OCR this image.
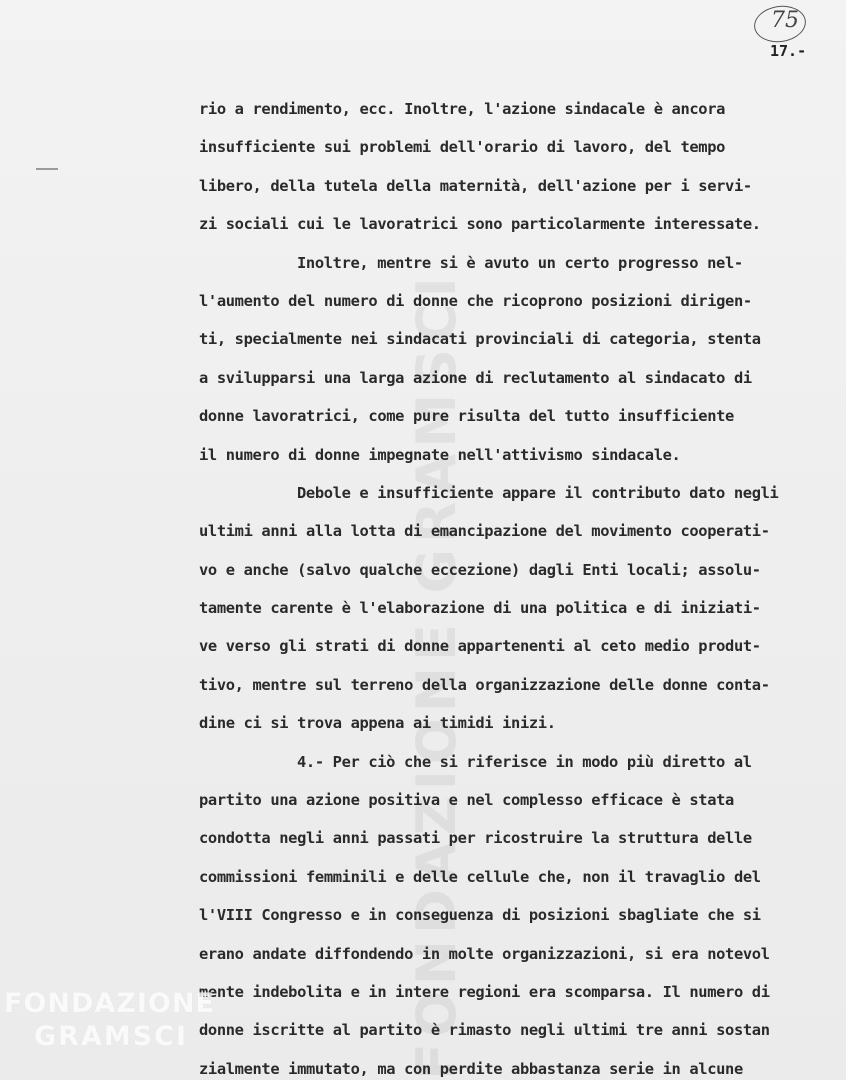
FONDAZIONE GRAMSCI
75
17.-
rio a rendimento, ecc. Inoltre, l'azione sindacale è ancora
insufficiente sui problemi dell'orario di lavoro, del tempo
libero, della tutela della maternità, dell'azione per i servi-
zi sociali cui le lavoratrici sono particolarmente interessate.
Inoltre, mentre si è avuto un certo progresso nel-
l'aumento del numero di donne che ricoprono posizioni dirigen-
ti, specialmente nei sindacati provinciali di categoria, stenta
a svilupparsi una larga azione di reclutamento al sindacato di
donne lavoratrici, come pure risulta del tutto insufficiente
il numero di donne impegnate nell'attivismo sindacale.
Debole e insufficiente appare il contributo dato negli
ultimi anni alla lotta di emancipazione del movimento cooperati-
vo e anche (salvo qualche eccezione) dagli Enti locali; assolu-
tamente carente è l'elaborazione di una politica e di iniziati-
ve verso gli strati di donne appartenenti al ceto medio produt-
tivo, mentre sul terreno della organizzazione delle donne conta-
dine ci si trova appena ai timidi inizi.
4.- Per ciò che si riferisce in modo più diretto al
partito una azione positiva e nel complesso efficace è stata
condotta negli anni passati per ricostruire la struttura delle
commissioni femminili e delle cellule che, non il travaglio del
l'VIII Congresso e in conseguenza di posizioni sbagliate che si
erano andate diffondendo in molte organizzazioni, si era notevol
mente indebolita e in intere regioni era scomparsa. Il numero di
donne iscritte al partito è rimasto negli ultimi tre anni sostan
zialmente immutato, ma con perdite abbastanza serie in alcune
FONDAZIONE
GRAMSCI
